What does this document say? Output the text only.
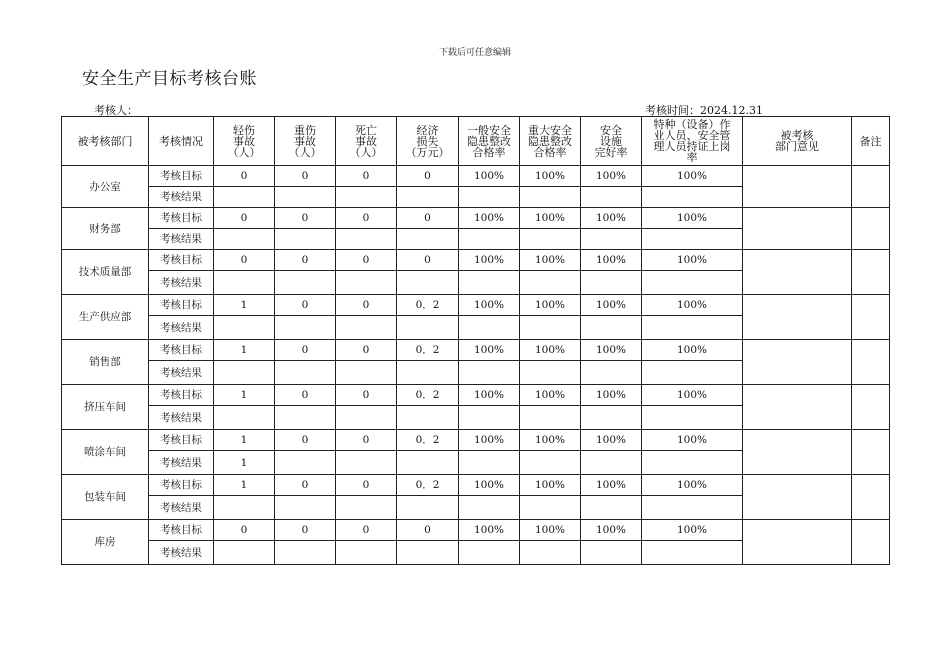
下载后可任意编辑
安全生产目标考核台账
考核人：	考核时间：2024.12.31
被考核部门	考核情况	轻伤
事故
（人）	重伤
事故
（人）	死亡
事故
（人）	经济
损失
（万元）	一般安全
隐患整改
合格率	重大安全
隐患整改
合格率	安全
设施
完好率	特种（设备）作
业人员、安全管
理人员持证上岗
率	被考核
部门意见	备注

办公室	考核目标	0	0	0	0	100%	100%	100%	100%		
	考核结果										
财务部	考核目标	0	0	0	0	100%	100%	100%	100%		
	考核结果										
技术质量部	考核目标	0	0	0	0	100%	100%	100%	100%		
	考核结果										
生产供应部	考核目标	1	0	0	0．2	100%	100%	100%	100%		
	考核结果										
销售部	考核目标	1	0	0	0．2	100%	100%	100%	100%		
	考核结果										
挤压车间	考核目标	1	0	0	0．2	100%	100%	100%	100%		
	考核结果										
喷涂车间	考核目标	1	0	0	0．2	100%	100%	100%	100%		
	考核结果	1									
包装车间	考核目标	1	0	0	0．2	100%	100%	100%	100%		
	考核结果										
库房	考核目标	0	0	0	0	100%	100%	100%	100%		
	考核结果										
